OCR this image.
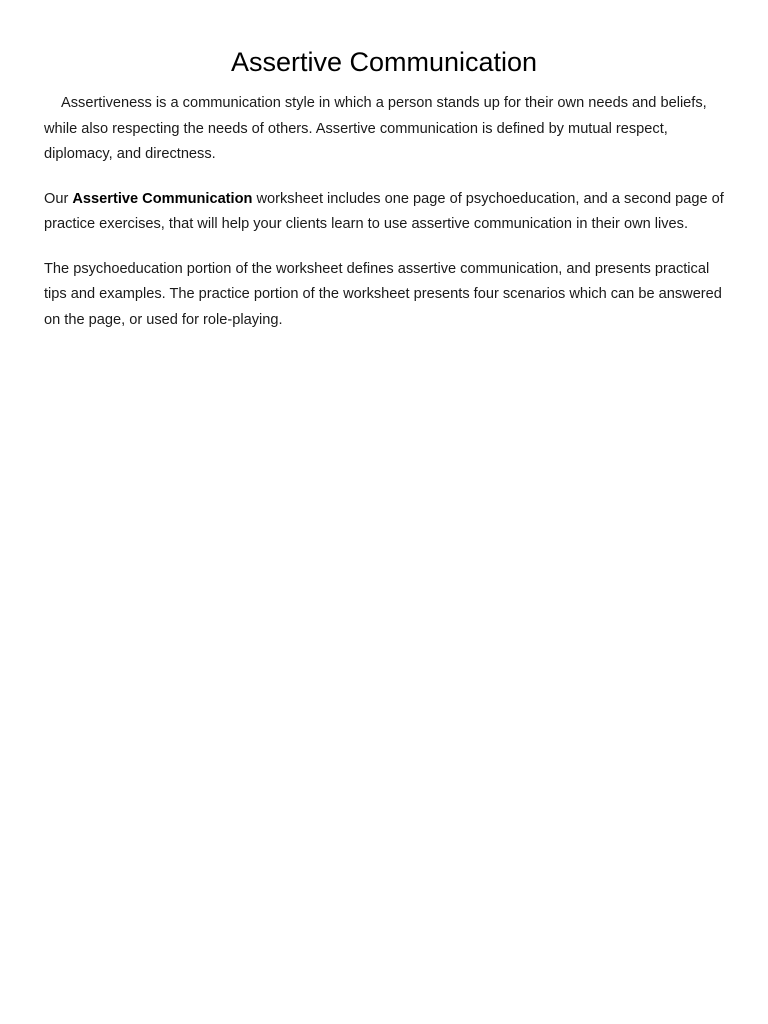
Assertive Communication

Assertiveness is a communication style in which a person stands up for their own needs and beliefs, while also respecting the needs of others. Assertive communication is defined by mutual respect, diplomacy, and directness.

Our Assertive Communication worksheet includes one page of psychoeducation, and a second page of practice exercises, that will help your clients learn to use assertive communication in their own lives.

The psychoeducation portion of the worksheet defines assertive communication, and presents practical tips and examples. The practice portion of the worksheet presents four scenarios which can be answered on the page, or used for role-playing.
